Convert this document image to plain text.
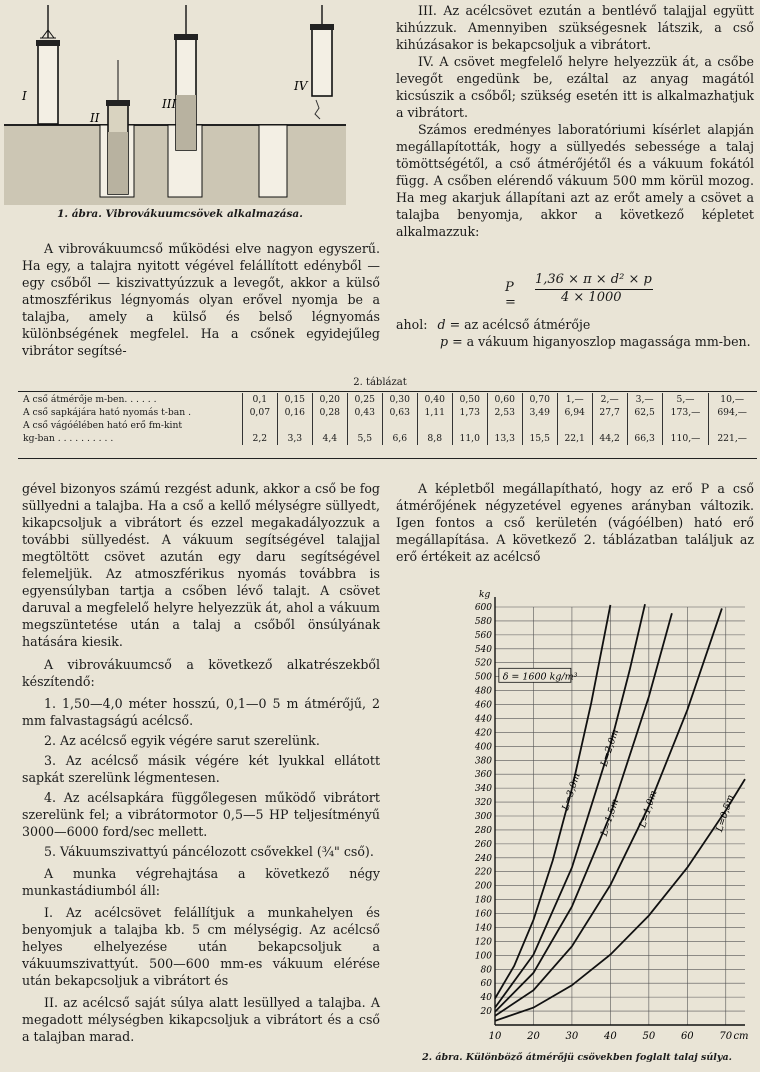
I
II
III
IV
1. ábra. Vibrovákuumcsövek alkalmazása.

A vibrovákuumcső működési elve nagyon egyszerű. Ha egy, a talajra nyitott végével felállított edényből — egy csőből — kiszivattyúzzuk a levegőt, akkor a külső atmoszférikus légnyomás olyan erővel nyomja be a talajba, amely a külső és belső légnyomás különbségének megfelel. Ha a csőnek egyidejűleg vibrátor segítsé-

III. Az acélcsövet ezután a bentlévő talajjal együtt kihúzzuk. Amennyiben szükségesnek látszik, a cső kihúzásakor is bekapcsoljuk a vibrátort.

IV. A csövet megfelelő helyre helyezzük át, a csőbe levegőt engedünk be, ezáltal az anyag magától kicsúszik a csőből; szükség esetén itt is alkalmazhatjuk a vibrátort.

Számos eredményes laboratóriumi kísérlet alapján megállapították, hogy a süllyedés sebessége a talaj tömöttségétől, a cső átmérőjétől és a vákuum fokától függ. A csőben elérendő vákuum 500 mm körül mozog. Ha meg akarjuk állapítani azt az erőt amely a csövet a talajba benyomja, akkor a következő képletet alkalmazzuk:

P =
1,36 × π × d² × p
4 × 1000
ahol: d = az acélcső átmérője
p = a vákuum higanyoszlop magassága mm-ben.
2. táblázat
A cső átmérője m-ben. . . . . .	0,1	0,15	0,20	0,25	0,30	0,40	0,50	0,60	0,70	1,—	2,—	3,—	5,—	10,—
A cső sapkájára ható nyomás t-ban .	0,07	0,16	0,28	0,43	0,63	1,11	1,73	2,53	3,49	6,94	27,7	62,5	173,—	694,—
A cső vágóélében ható erő fm-kint														
kg-ban . . . . . . . . . .	2,2	3,3	4,4	5,5	6,6	8,8	11,0	13,3	15,5	22,1	44,2	66,3	110,—	221,—

gével bizonyos számú rezgést adunk, akkor a cső be fog süllyedni a talajba. Ha a cső a kellő mélységre süllyedt, kikapcsoljuk a vibrátort és ezzel megakadályozzuk a további süllyedést. A vákuum segítségével talajjal megtöltött csövet azután egy daru segítségével felemeljük. Az atmoszférikus nyomás továbbra is egyensúlyban tartja a csőben lévő talajt. A csövet daruval a megfelelő helyre helyezzük át, ahol a vákuum megszüntetése után a talaj a csőből önsúlyának hatására kiesik.

A vibrovákuumcső a következő alkatrészekből készítendő:

1. 1,50—4,0 méter hosszú, 0,1—0 5 m átmérőjű, 2 mm falvastagságú acélcső.

2. Az acélcső egyik végére sarut szerelünk.

3. Az acélcső másik végére két lyukkal ellátott sapkát szerelünk légmentesen.

4. Az acélsapkára függőlegesen működő vibrátort szerelünk fel; a vibrátormotor 0,5—5 HP teljesítményű 3000—6000 ford/sec mellett.

5. Vákuumszivattyú páncélozott csővekkel (¾" cső).

A munka végrehajtása a következő négy munkastádiumból áll:

I. Az acélcsövet felállítjuk a munkahelyen és benyomjuk a talajba kb. 5 cm mélységig. Az acélcső helyes elhelyezése után bekapcsoljuk a vákuumszivattyút. 500—600 mm-es vákuum elérése után bekapcsoljuk a vibrátort és

II. az acélcső saját súlya alatt lesüllyed a talajba. A megadott mélységben kikapcsoljuk a vibrátort és a cső a talajban marad.

A képletből megállapítható, hogy az erő P a cső átmérőjének négyzetével egyenes arányban változik. Igen fontos a cső kerületén (vágóélben) ható erő megállapítása. A következő 2. táblázatban találjuk az erő értékeit az acélcső

20
40
60
80
100
120
140
160
180
200
220
240
260
280
300
320
340
360
380
400
420
440
460
480
500
520
540
560
580
600
10	20	30	40	50	60	70
kg
cm
δ = 1600 kg/m³
L=3,0m
L=2,0m
L=1,5m L=1,0m	L=0,5m
2. ábra. Különböző átmérőjü csövekben foglalt talaj súlya.
